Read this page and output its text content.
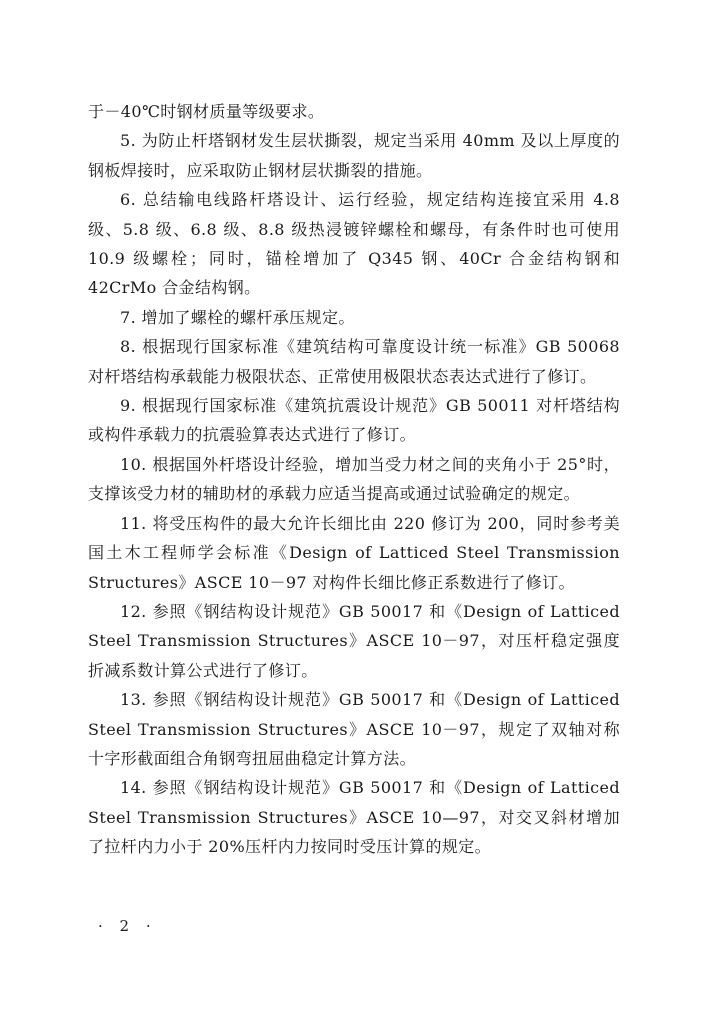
于－40℃时钢材质量等级要求。

5. 为防止杆塔钢材发生层状撕裂，规定当采用 40mm 及以上厚度的钢板焊接时，应采取防止钢材层状撕裂的措施。

6. 总结输电线路杆塔设计、运行经验，规定结构连接宜采用 4.8 级、5.8 级、6.8 级、8.8 级热浸镀锌螺栓和螺母，有条件时也可使用 10.9 级螺栓；同时，锚栓增加了 Q345 钢、40Cr 合金结构钢和 42CrMo 合金结构钢。

7. 增加了螺栓的螺杆承压规定。

8. 根据现行国家标准《建筑结构可靠度设计统一标准》GB 50068 对杆塔结构承载能力极限状态、正常使用极限状态表达式进行了修订。

9. 根据现行国家标准《建筑抗震设计规范》GB 50011 对杆塔结构或构件承载力的抗震验算表达式进行了修订。

10. 根据国外杆塔设计经验，增加当受力材之间的夹角小于 25°时，支撑该受力材的辅助材的承载力应适当提高或通过试验确定的规定。

11. 将受压构件的最大允许长细比由 220 修订为 200，同时参考美国土木工程师学会标准《Design of Latticed Steel Transmission Structures》ASCE 10－97 对构件长细比修正系数进行了修订。

12. 参照《钢结构设计规范》GB 50017 和《Design of Latticed Steel Transmission Structures》ASCE 10－97，对压杆稳定强度折减系数计算公式进行了修订。

13. 参照《钢结构设计规范》GB 50017 和《Design of Latticed Steel Transmission Structures》ASCE 10－97，规定了双轴对称十字形截面组合角钢弯扭屈曲稳定计算方法。

14. 参照《钢结构设计规范》GB 50017 和《Design of Latticed Steel Transmission Structures》ASCE 10—97，对交叉斜材增加了拉杆内力小于 20%压杆内力按同时受压计算的规定。

· 2 ·
